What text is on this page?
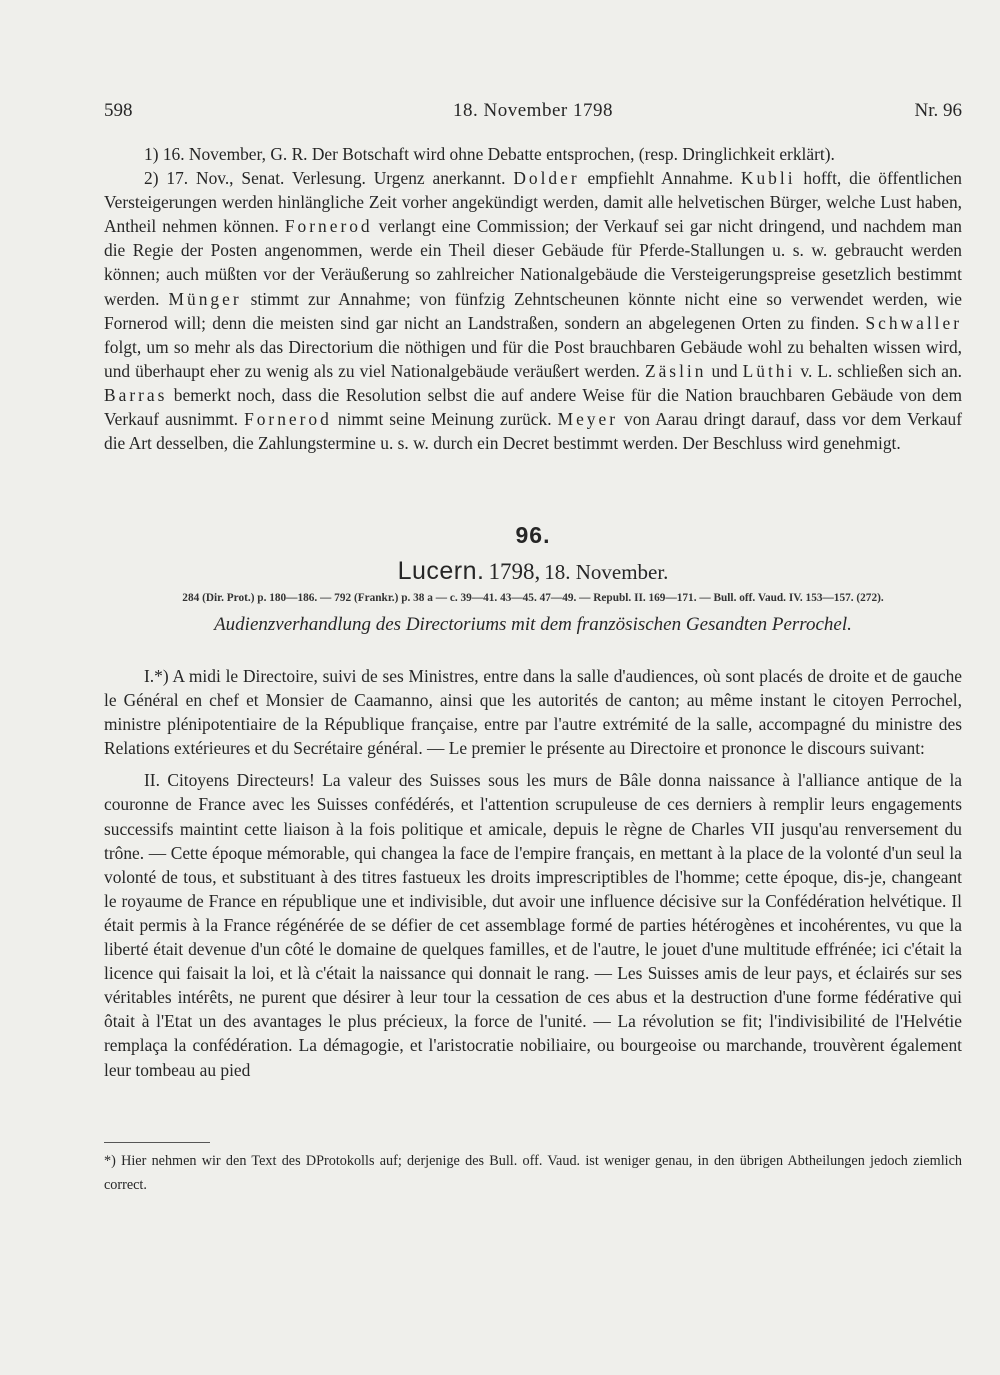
598	18. November 1798	Nr. 96

1) 16. November, G. R. Der Botschaft wird ohne Debatte entsprochen, (resp. Dringlichkeit erklärt).

2) 17. Nov., Senat. Verlesung. Urgenz anerkannt. Dolder empfiehlt Annahme. Kubli hofft, die öffentlichen Versteigerungen werden hinlängliche Zeit vorher angekündigt werden, damit alle helvetischen Bürger, welche Lust haben, Antheil nehmen können. Fornerod verlangt eine Commission; der Verkauf sei gar nicht dringend, und nachdem man die Regie der Posten angenommen, werde ein Theil dieser Gebäude für Pferde-Stallungen u. s. w. gebraucht werden können; auch müßten vor der Veräußerung so zahlreicher Nationalgebäude die Versteigerungspreise gesetzlich bestimmt werden. Münger stimmt zur Annahme; von fünfzig Zehntscheunen könnte nicht eine so verwendet werden, wie Fornerod will; denn die meisten sind gar nicht an Landstraßen, sondern an abgelegenen Orten zu finden. Schwaller folgt, um so mehr als das Directorium die nöthigen und für die Post brauchbaren Gebäude wohl zu behalten wissen wird, und überhaupt eher zu wenig als zu viel Nationalgebäude veräußert werden. Zäslin und Lüthi v. L. schließen sich an. Barras bemerkt noch, dass die Resolution selbst die auf andere Weise für die Nation brauchbaren Gebäude von dem Verkauf ausnimmt. Fornerod nimmt seine Meinung zurück. Meyer von Aarau dringt darauf, dass vor dem Verkauf die Art desselben, die Zahlungstermine u. s. w. durch ein Decret bestimmt werden. Der Beschluss wird genehmigt.

96.

Lucern. 1798, 18. November.

284 (Dir. Prot.) p. 180—186. — 792 (Frankr.) p. 38 a — c. 39—41. 43—45. 47—49. — Republ. II. 169—171. — Bull. off. Vaud. IV. 153—157. (272).

Audienzverhandlung des Directoriums mit dem französischen Gesandten Perrochel.

I.*) A midi le Directoire, suivi de ses Ministres, entre dans la salle d'audiences, où sont placés de droite et de gauche le Général en chef et Monsier de Caamanno, ainsi que les autorités de canton; au même instant le citoyen Perrochel, ministre plénipotentiaire de la République française, entre par l'autre extrémité de la salle, accompagné du ministre des Relations extérieures et du Secrétaire général. — Le premier le présente au Directoire et prononce le discours suivant:

II. Citoyens Directeurs! La valeur des Suisses sous les murs de Bâle donna naissance à l'alliance antique de la couronne de France avec les Suisses confédérés, et l'attention scrupuleuse de ces derniers à remplir leurs engagements successifs maintint cette liaison à la fois politique et amicale, depuis le règne de Charles VII jusqu'au renversement du trône. — Cette époque mémorable, qui changea la face de l'empire français, en mettant à la place de la volonté d'un seul la volonté de tous, et substituant à des titres fastueux les droits imprescriptibles de l'homme; cette époque, dis-je, changeant le royaume de France en république une et indivisible, dut avoir une influence décisive sur la Confédération helvétique. Il était permis à la France régénérée de se défier de cet assemblage formé de parties hétérogènes et incohérentes, vu que la liberté était devenue d'un côté le domaine de quelques familles, et de l'autre, le jouet d'une multitude effrénée; ici c'était la licence qui faisait la loi, et là c'était la naissance qui donnait le rang. — Les Suisses amis de leur pays, et éclairés sur ses véritables intérêts, ne purent que désirer à leur tour la cessation de ces abus et la destruction d'une forme fédérative qui ôtait à l'Etat un des avantages le plus précieux, la force de l'unité. — La révolution se fit; l'indivisibilité de l'Helvétie remplaça la confédération. La démagogie, et l'aristocratie nobiliaire, ou bourgeoise ou marchande, trouvèrent également leur tombeau au pied

*) Hier nehmen wir den Text des DProtokolls auf; derjenige des Bull. off. Vaud. ist weniger genau, in den übrigen Abtheilungen jedoch ziemlich correct.
